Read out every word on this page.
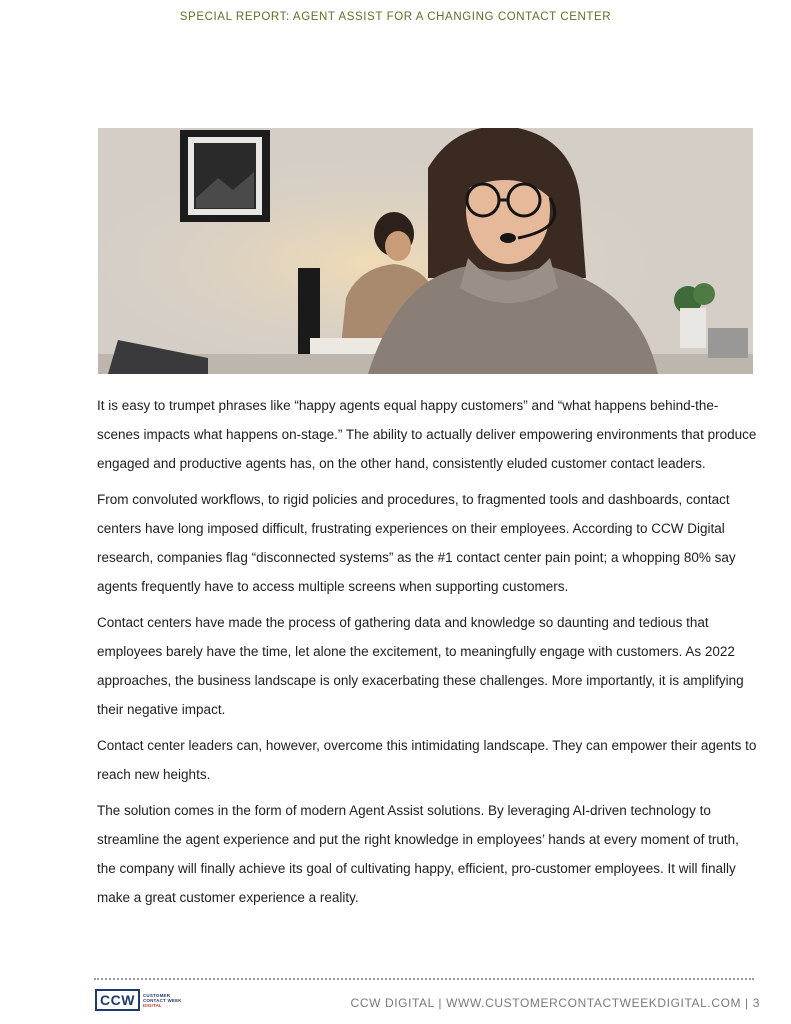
SPECIAL REPORT: AGENT ASSIST FOR A CHANGING CONTACT CENTER

It is easy to trumpet phrases like “happy agents equal happy customers” and “what happens behind-the-scenes impacts what happens on-stage.” The ability to actually deliver empowering environments that produce engaged and productive agents has, on the other hand, consistently eluded customer contact leaders.

From convoluted workflows, to rigid policies and procedures, to fragmented tools and dashboards, contact centers have long imposed difficult, frustrating experiences on their employees. According to CCW Digital research, companies flag “disconnected systems” as the #1 contact center pain point; a whopping 80% say agents frequently have to access multiple screens when supporting customers.

Contact centers have made the process of gathering data and knowledge so daunting and tedious that employees barely have the time, let alone the excitement, to meaningfully engage with customers. As 2022 approaches, the business landscape is only exacerbating these challenges. More importantly, it is amplifying their negative impact.

Contact center leaders can, however, overcome this intimidating landscape. They can empower their agents to reach new heights.

The solution comes in the form of modern Agent Assist solutions. By leveraging AI-driven technology to streamline the agent experience and put the right knowledge in employees’ hands at every moment of truth, the company will finally achieve its goal of cultivating happy, efficient, pro-customer employees. It will finally make a great customer experience a reality.

CCW	CUSTOMER
CONTACT WEEK
DIGITAL	CCW DIGITAL | WWW.CUSTOMERCONTACTWEEKDIGITAL.COM | 3
